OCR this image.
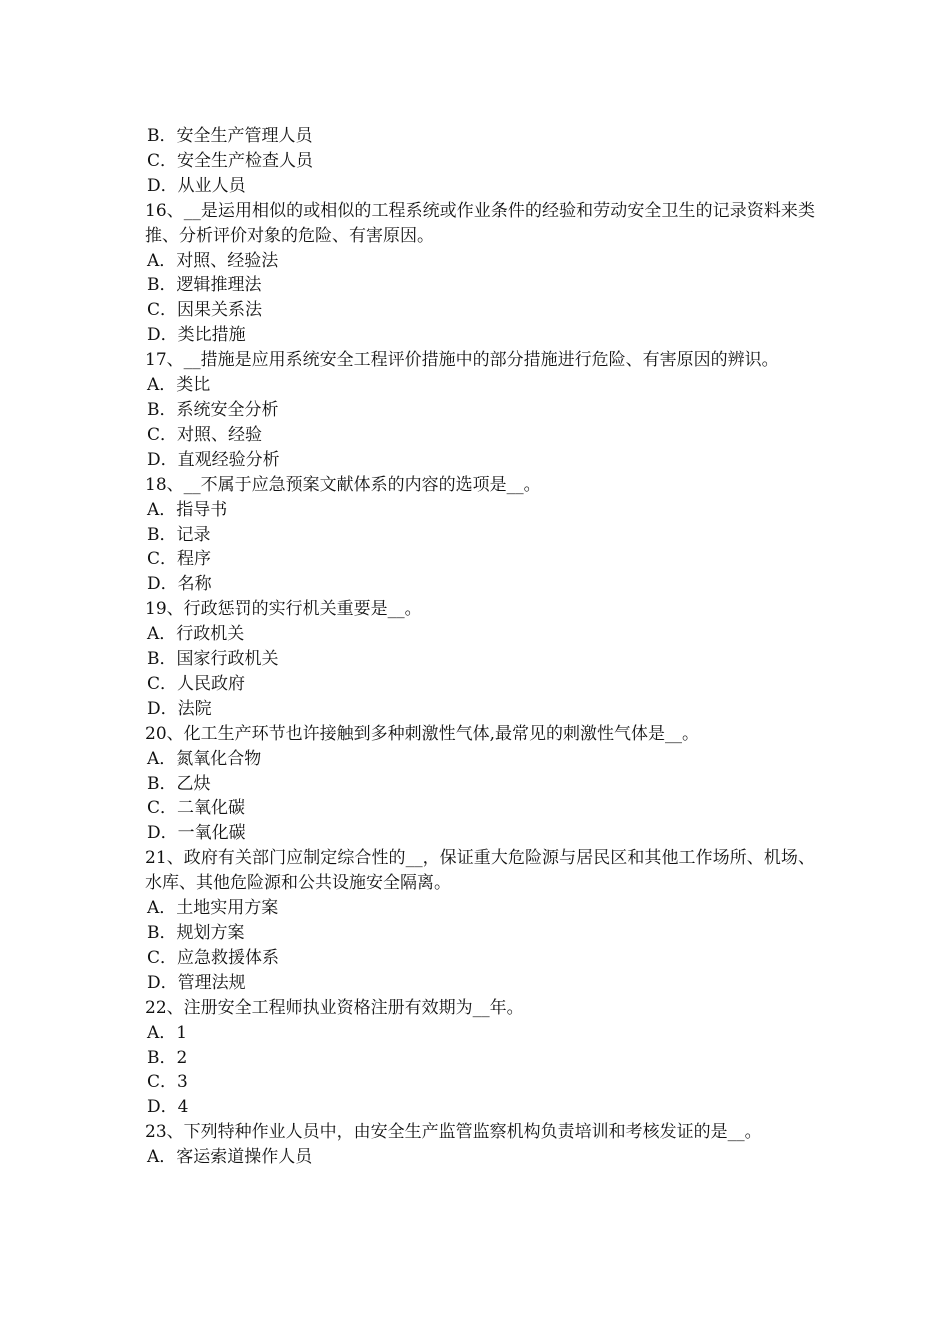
B．安全生产管理人员

C．安全生产检查人员

D．从业人员

16、__是运用相似的或相似的工程系统或作业条件的经验和劳动安全卫生的记录资料来类推、分析评价对象的危险、有害原因。

A．对照、经验法

B．逻辑推理法

C．因果关系法

D．类比措施

17、__措施是应用系统安全工程评价措施中的部分措施进行危险、有害原因的辨识。

A．类比

B．系统安全分析

C．对照、经验

D．直观经验分析

18、__不属于应急预案文献体系的内容的选项是__。

A．指导书

B．记录

C．程序

D．名称

19、行政惩罚的实行机关重要是__。

A．行政机关

B．国家行政机关

C．人民政府

D．法院

20、化工生产环节也许接触到多种刺激性气体,最常见的刺激性气体是__。

A．氮氧化合物

B．乙炔

C．二氧化碳

D．一氧化碳

21、政府有关部门应制定综合性的__，保证重大危险源与居民区和其他工作场所、机场、水库、其他危险源和公共设施安全隔离。

A．土地实用方案

B．规划方案

C．应急救援体系

D．管理法规

22、注册安全工程师执业资格注册有效期为__年。

A．1

B．2

C．3

D．4

23、下列特种作业人员中，由安全生产监管监察机构负责培训和考核发证的是__。

A．客运索道操作人员
